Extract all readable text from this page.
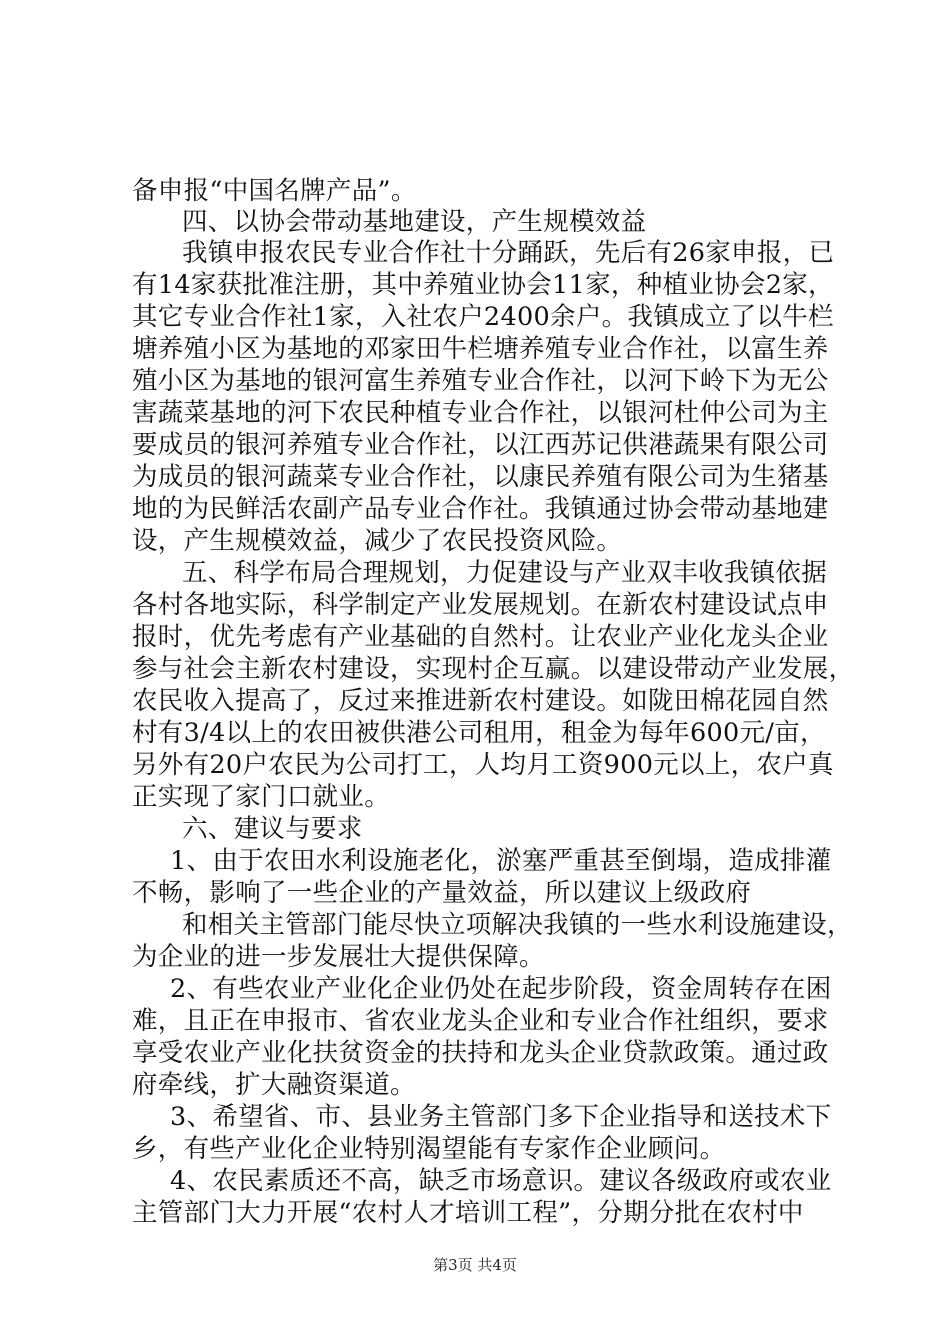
备申报“中国名牌产品”。
四、以协会带动基地建设，产生规模效益
我镇申报农民专业合作社十分踊跃，先后有26家申报，已
有14家获批准注册，其中养殖业协会11家，种植业协会2家，
其它专业合作社1家，入社农户2400余户。我镇成立了以牛栏
塘养殖小区为基地的邓家田牛栏塘养殖专业合作社，以富生养
殖小区为基地的银河富生养殖专业合作社，以河下岭下为无公
害蔬菜基地的河下农民种植专业合作社，以银河杜仲公司为主
要成员的银河养殖专业合作社，以江西苏记供港蔬果有限公司
为成员的银河蔬菜专业合作社，以康民养殖有限公司为生猪基
地的为民鲜活农副产品专业合作社。我镇通过协会带动基地建
设，产生规模效益，减少了农民投资风险。
五、科学布局合理规划，力促建设与产业双丰收我镇依据
各村各地实际，科学制定产业发展规划。在新农村建设试点申
报时，优先考虑有产业基础的自然村。让农业产业化龙头企业
参与社会主新农村建设，实现村企互赢。以建设带动产业发展，
农民收入提高了，反过来推进新农村建设。如陇田棉花园自然
村有3/4以上的农田被供港公司租用，租金为每年600元/亩，
另外有20户农民为公司打工，人均月工资900元以上，农户真
正实现了家门口就业。
六、建议与要求
1、由于农田水利设施老化，淤塞严重甚至倒塌，造成排灌
不畅，影响了一些企业的产量效益，所以建议上级政府
和相关主管部门能尽快立项解决我镇的一些水利设施建设，
为企业的进一步发展壮大提供保障。
2、有些农业产业化企业仍处在起步阶段，资金周转存在困
难，且正在申报市、省农业龙头企业和专业合作社组织，要求
享受农业产业化扶贫资金的扶持和龙头企业贷款政策。通过政
府牵线，扩大融资渠道。
3、希望省、市、县业务主管部门多下企业指导和送技术下
乡，有些产业化企业特别渴望能有专家作企业顾问。
4、农民素质还不高，缺乏市场意识。建议各级政府或农业
主管部门大力开展“农村人才培训工程”，分期分批在农村中
第3页 共4页
